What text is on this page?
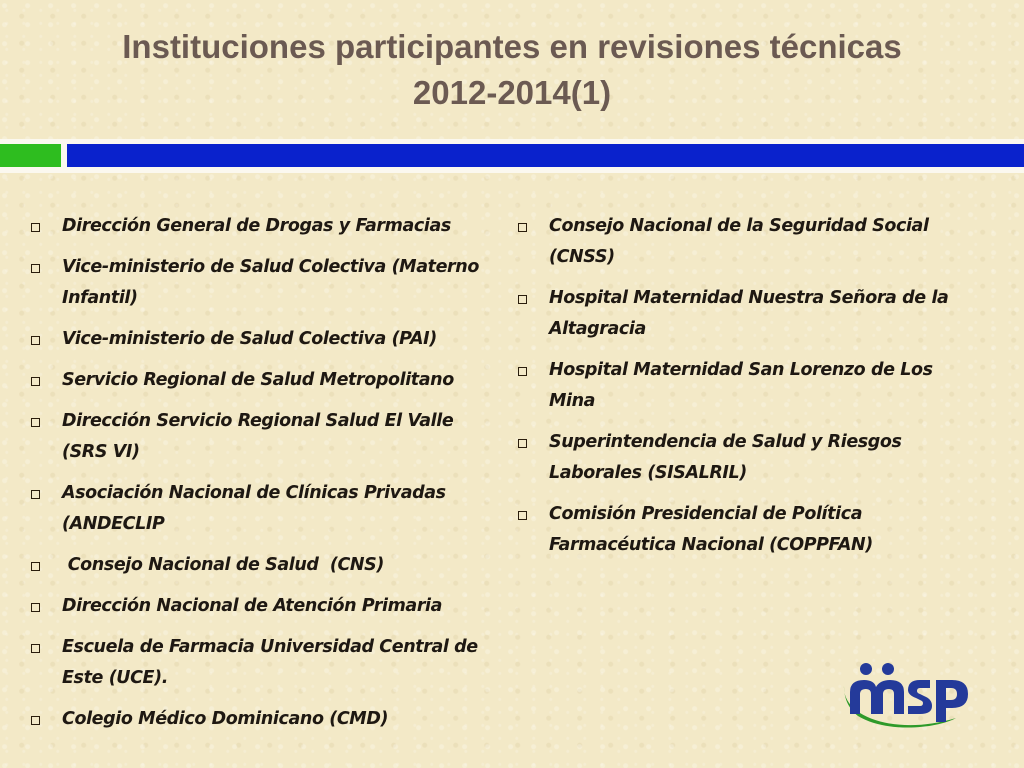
Instituciones participantes en revisiones técnicas
2012-2014(1)
Dirección General de Drogas y Farmacias
Vice-ministerio de Salud Colectiva (Materno Infantil)
Vice-ministerio de Salud Colectiva (PAI)
Servicio Regional de Salud Metropolitano
Dirección Servicio Regional Salud El Valle (SRS VI)
Asociación Nacional de Clínicas Privadas (ANDECLIP
Consejo Nacional de Salud  (CNS)
Dirección Nacional de Atención Primaria
Escuela de Farmacia Universidad Central de Este (UCE).
Colegio Médico Dominicano (CMD)
Consejo Nacional de la Seguridad Social (CNSS)
Hospital Maternidad Nuestra Señora de la Altagracia
Hospital Maternidad San Lorenzo de Los Mina
Superintendencia de Salud y Riesgos Laborales (SISALRIL)
Comisión Presidencial de Política Farmacéutica Nacional (COPPFAN)
msp
